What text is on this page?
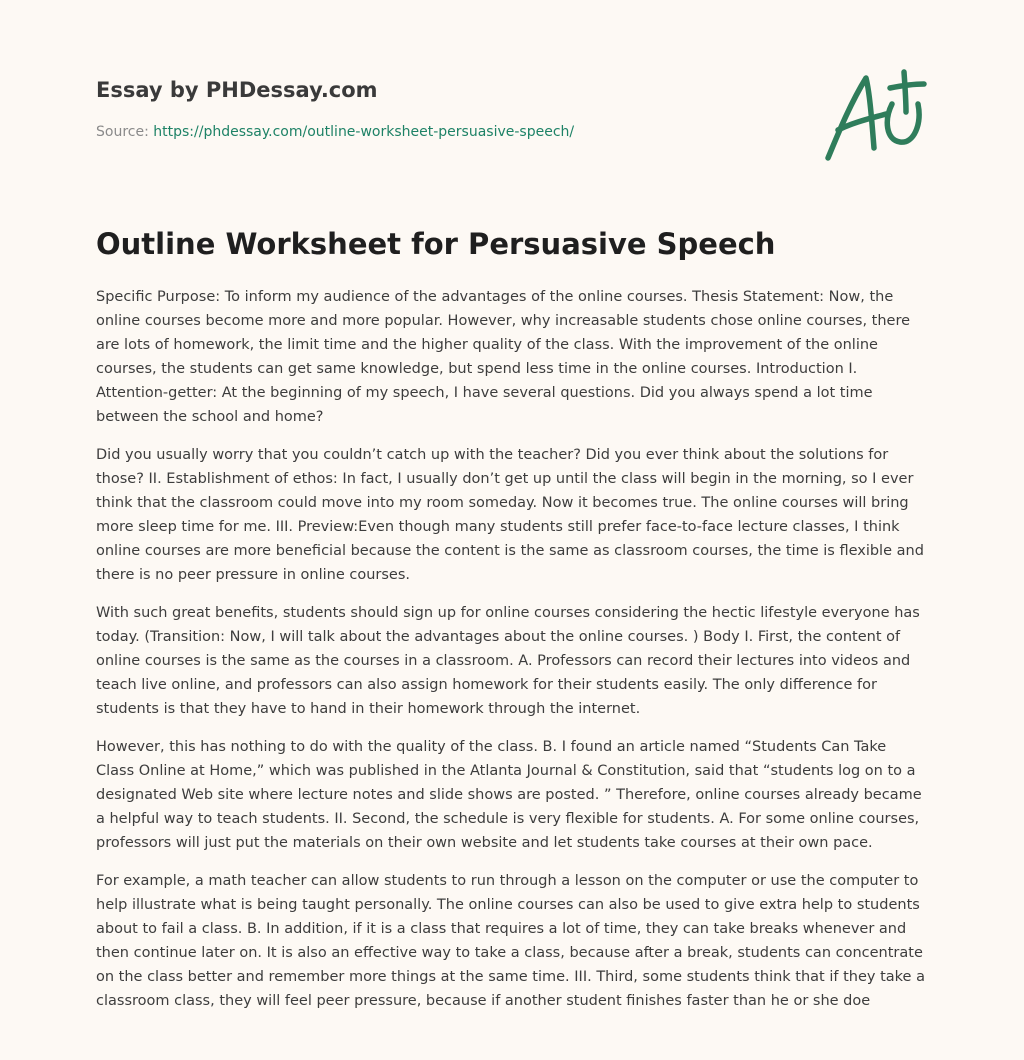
Essay by PHDessay.com
Source: https://phdessay.com/outline-worksheet-persuasive-speech/
Outline Worksheet for Persuasive Speech

Specific Purpose: To inform my audience of the advantages of the online courses. Thesis Statement: Now, the online courses become more and more popular. However, why increasable students chose online courses, there are lots of homework, the limit time and the higher quality of the class. With the improvement of the online courses, the students can get same knowledge, but spend less time in the online courses. Introduction I. Attention-getter: At the beginning of my speech, I have several questions. Did you always spend a lot time between the school and home?

Did you usually worry that you couldn’t catch up with the teacher? Did you ever think about the solutions for those? II. Establishment of ethos: In fact, I usually don’t get up until the class will begin in the morning, so I ever think that the classroom could move into my room someday. Now it becomes true. The online courses will bring more sleep time for me. III. Preview:Even though many students still prefer face-to-face lecture classes, I think online courses are more beneficial because the content is the same as classroom courses, the time is flexible and there is no peer pressure in online courses.

With such great benefits, students should sign up for online courses considering the hectic lifestyle everyone has today. (Transition: Now, I will talk about the advantages about the online courses. ) Body I. First, the content of online courses is the same as the courses in a classroom. A. Professors can record their lectures into videos and teach live online, and professors can also assign homework for their students easily. The only difference for students is that they have to hand in their homework through the internet.

However, this has nothing to do with the quality of the class. B. I found an article named “Students Can Take Class Online at Home,” which was published in the Atlanta Journal & Constitution, said that “students log on to a designated Web site where lecture notes and slide shows are posted. ” Therefore, online courses already became a helpful way to teach students. II. Second, the schedule is very flexible for students. A. For some online courses, professors will just put the materials on their own website and let students take courses at their own pace.

For example, a math teacher can allow students to run through a lesson on the computer or use the computer to help illustrate what is being taught personally. The online courses can also be used to give extra help to students about to fail a class. B. In addition, if it is a class that requires a lot of time, they can take breaks whenever and then continue later on. It is also an effective way to take a class, because after a break, students can concentrate on the class better and remember more things at the same time. III. Third, some students think that if they take a classroom class, they will feel peer pressure, because if another student finishes faster than he or she doe
